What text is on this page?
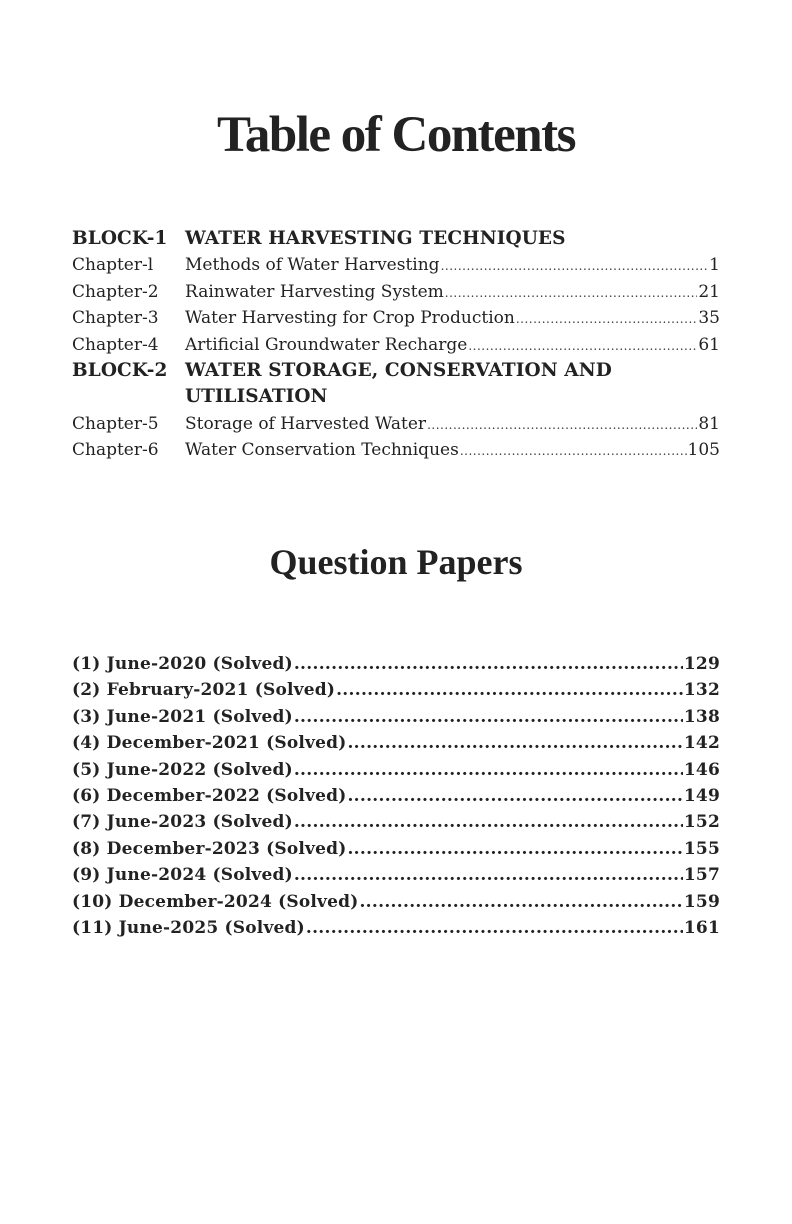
Table of Contents
BLOCK-1 WATER HARVESTING TECHNIQUES
Chapter-l	Methods of Water Harvesting .....	1
Chapter-2	Rainwater Harvesting System .....	21
Chapter-3	Water Harvesting for Crop Production .....	35
Chapter-4	Artificial Groundwater Recharge .....	61
BLOCK-2 WATER STORAGE, CONSERVATION AND
UTILISATION
Chapter-5	Storage of Harvested Water .....	81
Chapter-6	Water Conservation Techniques .....	105
Question Papers
(1) June-2020 (Solved) .....	129
(2) February-2021 (Solved) .....	132
(3) June-2021 (Solved) .....	138
(4) December-2021 (Solved) .....	142
(5) June-2022 (Solved) .....	146
(6) December-2022 (Solved) .....	149
(7) June-2023 (Solved) .....	152
(8) December-2023 (Solved) .....	155
(9) June-2024 (Solved) .....	157
(10) December-2024 (Solved) .....	159
(11) June-2025 (Solved) .....	161
